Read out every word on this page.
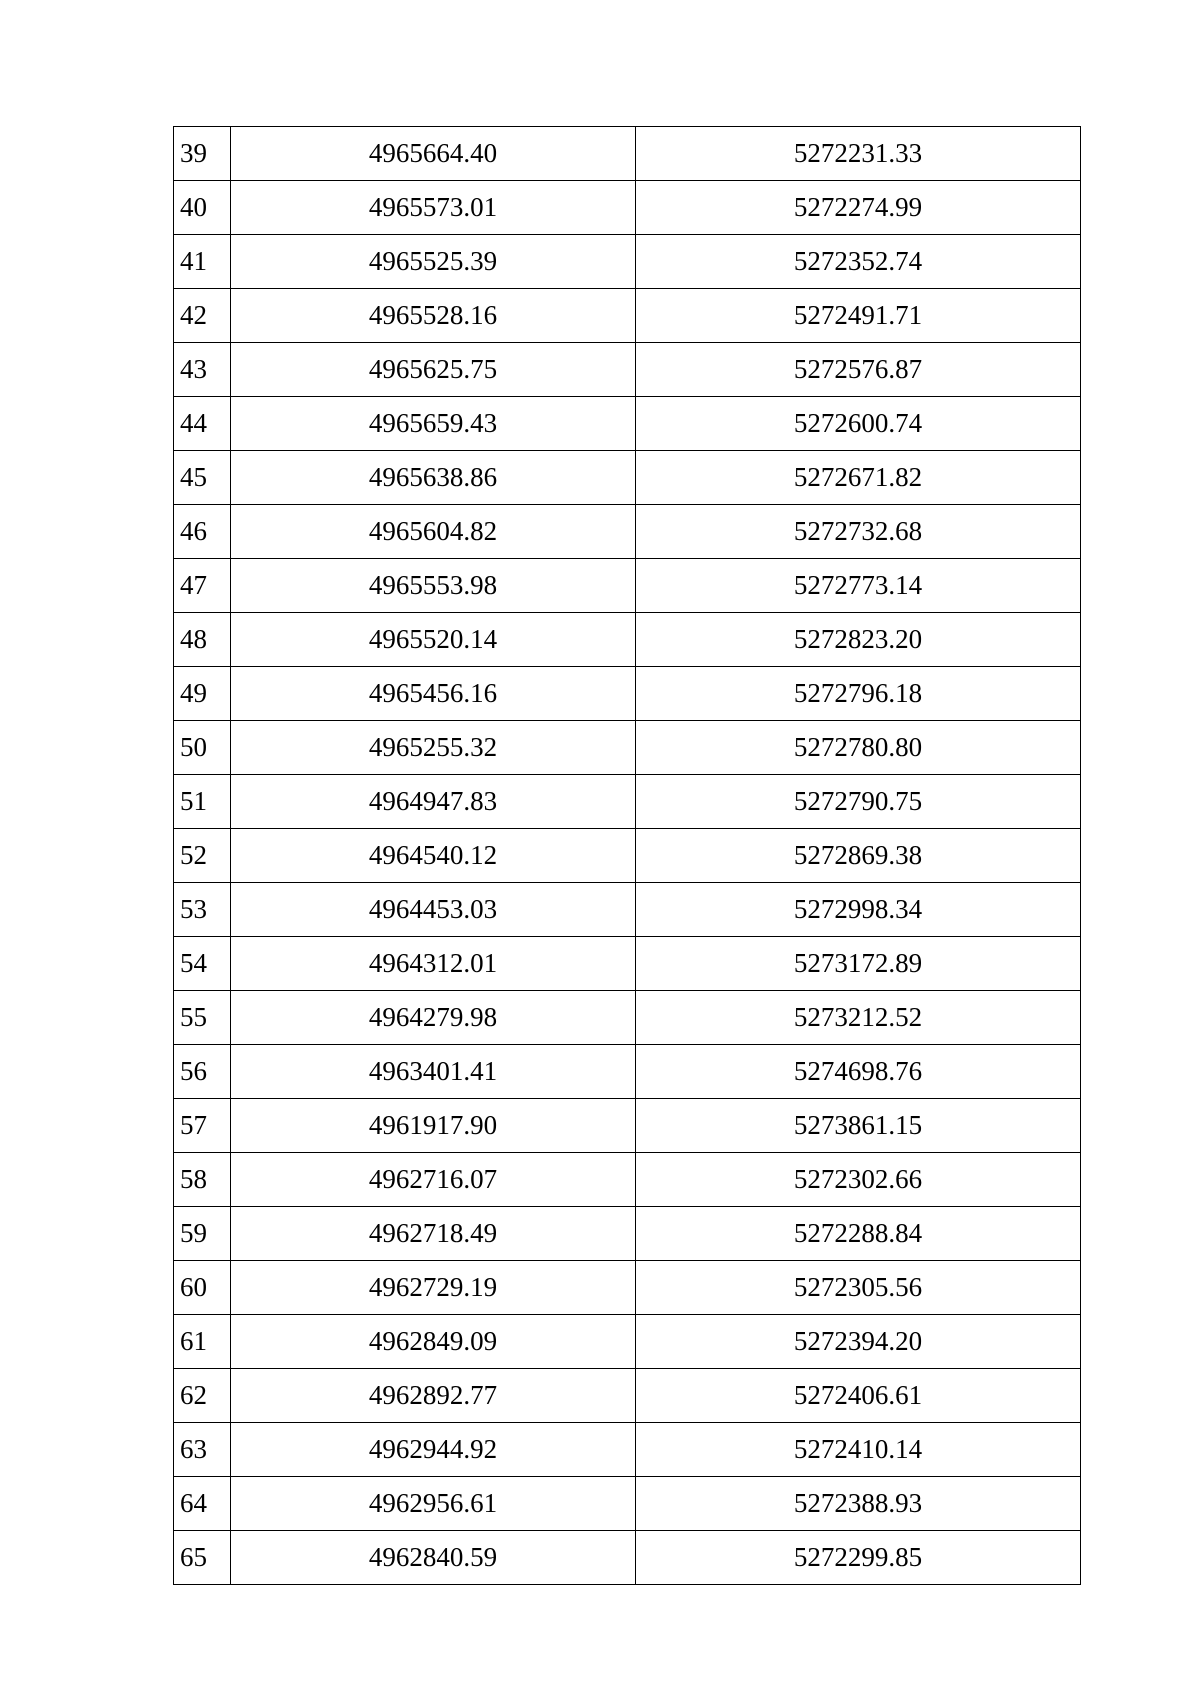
39	4965664.40	5272231.33
40	4965573.01	5272274.99
41	4965525.39	5272352.74
42	4965528.16	5272491.71
43	4965625.75	5272576.87
44	4965659.43	5272600.74
45	4965638.86	5272671.82
46	4965604.82	5272732.68
47	4965553.98	5272773.14
48	4965520.14	5272823.20
49	4965456.16	5272796.18
50	4965255.32	5272780.80
51	4964947.83	5272790.75
52	4964540.12	5272869.38
53	4964453.03	5272998.34
54	4964312.01	5273172.89
55	4964279.98	5273212.52
56	4963401.41	5274698.76
57	4961917.90	5273861.15
58	4962716.07	5272302.66
59	4962718.49	5272288.84
60	4962729.19	5272305.56
61	4962849.09	5272394.20
62	4962892.77	5272406.61
63	4962944.92	5272410.14
64	4962956.61	5272388.93
65	4962840.59	5272299.85
